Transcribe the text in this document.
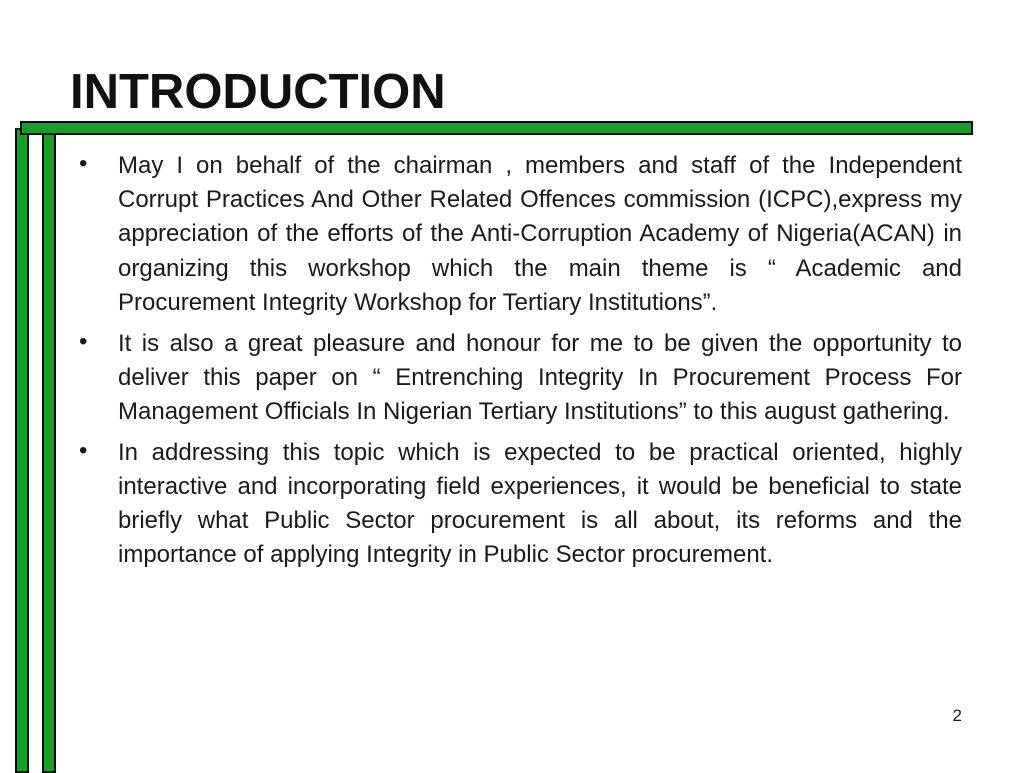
INTRODUCTION
• May I on behalf of the chairman , members and staff of the Independent Corrupt Practices And Other Related Offences commission (ICPC),express my appreciation of the efforts of the Anti-Corruption Academy of Nigeria(ACAN) in organizing this workshop which the main theme is “ Academic and Procurement Integrity Workshop for Tertiary Institutions”.
• It is also a great pleasure and honour for me to be given the opportunity to deliver this paper on “ Entrenching Integrity In Procurement Process For Management Officials In Nigerian Tertiary Institutions” to this august gathering.
• In addressing this topic which is expected to be practical oriented, highly interactive and incorporating field experiences, it would be beneficial to state briefly what Public Sector procurement is all about, its reforms and the importance of applying Integrity in Public Sector procurement.
2
